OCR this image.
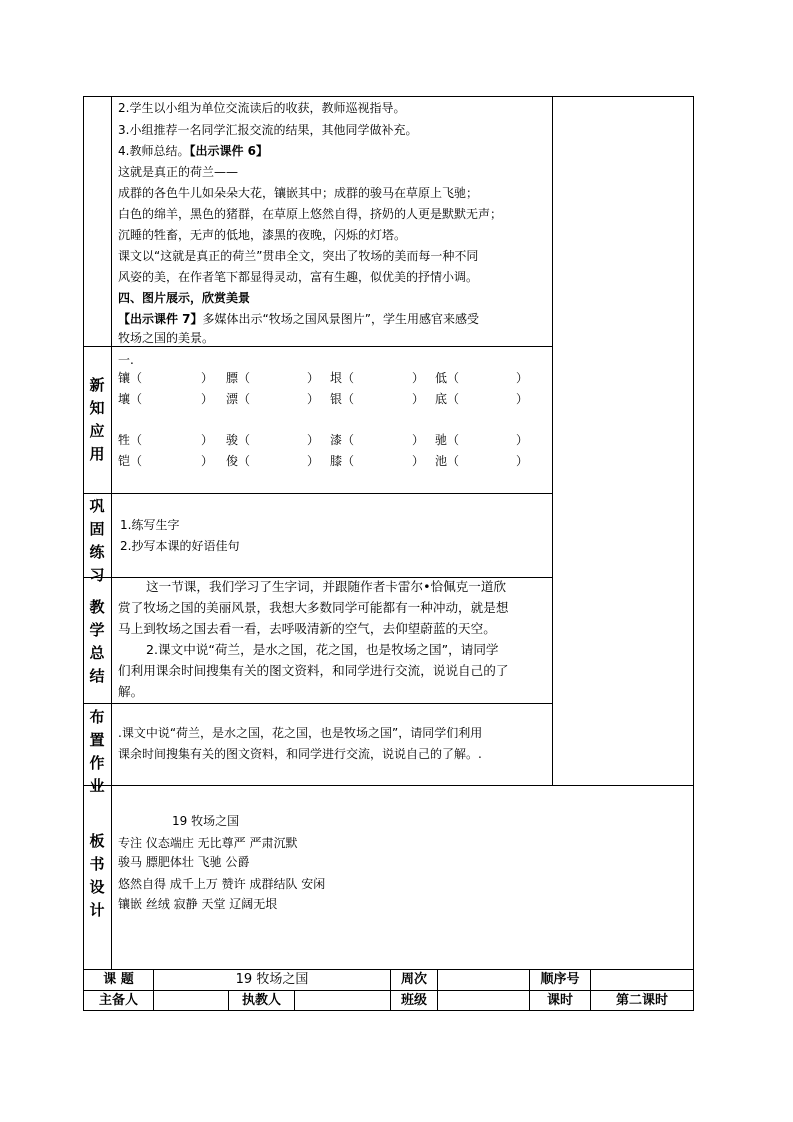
2.学生以小组为单位交流读后的收获，教师巡视指导。
3.小组推荐一名同学汇报交流的结果，其他同学做补充。
4.教师总结。【出示课件 6】
这就是真正的荷兰——
成群的各色牛儿如朵朵大花，镶嵌其中；成群的骏马在草原上飞驰；
白色的绵羊，黑色的猪群，在草原上悠然自得，挤奶的人更是默默无声；
沉睡的牲畜，无声的低地，漆黑的夜晚，闪烁的灯塔。
课文以“这就是真正的荷兰”贯串全文，突出了牧场的美而每一种不同
风姿的美，在作者笔下都显得灵动，富有生趣，似优美的抒情小调。
四、图片展示，欣赏美景
【出示课件 7】多媒体出示“牧场之国风景图片”，学生用感官来感受
牧场之国的美景。
新知应用
一.
镶（	） 膘（	） 垠（	） 低（	）
壤（	） 漂（	） 银（	） 底（	）
牲（	） 骏（	） 漆（	） 驰（	）
铠（	） 俊（	） 膝（	） 池（	）
巩固练习
1.练写生字
2.抄写本课的好语佳句
教学总结
这一节课，我们学习了生字词，并跟随作者卡雷尔•恰佩克一道欣
赏了牧场之国的美丽风景，我想大多数同学可能都有一种冲动，就是想
马上到牧场之国去看一看，去呼吸清新的空气，去仰望蔚蓝的天空。
2.课文中说“荷兰，是水之国，花之国，也是牧场之国”，请同学
们利用课余时间搜集有关的图文资料，和同学进行交流，说说自己的了
解。
布置作业
.课文中说“荷兰，是水之国，花之国，也是牧场之国”，请同学们利用
课余时间搜集有关的图文资料，和同学进行交流，说说自己的了解。.
板书设计
19 牧场之国
专注 仪态端庄 无比尊严 严肃沉默
骏马 膘肥体壮 飞驰 公爵
悠然自得 成千上万 赞许 成群结队 安闲
镶嵌 丝绒 寂静 天堂 辽阔无垠
课 题	19 牧场之国	周次	顺序号
主备人	执教人	班级	课时	第二课时
